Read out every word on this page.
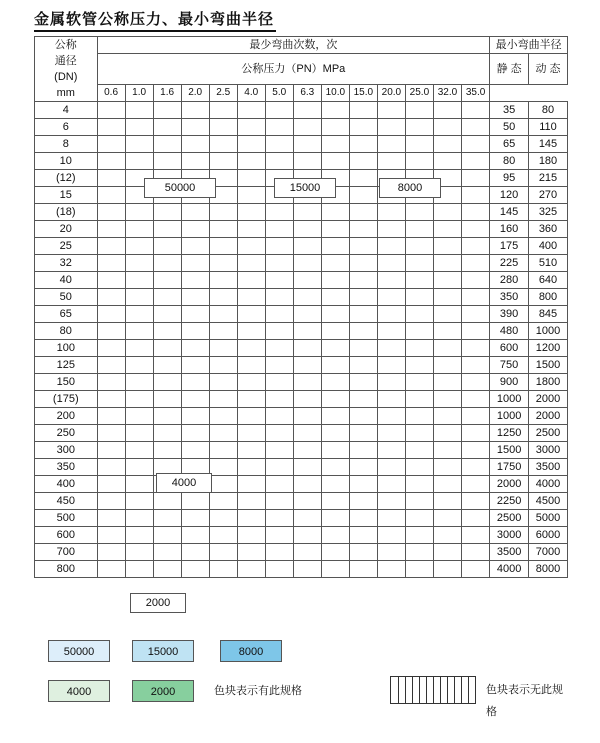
金属软管公称压力、最小弯曲半径
公称
通径
(DN)
mm	最少弯曲次数，次														最小弯曲半径	
	公称压力（PN）MPa														静 态	动 态

	0.6	1.0	1.6	2.0	2.5	4.0	5.0	6.3	10.0	15.0	20.0	25.0	32.0	35.0		
4															35	80
6															50	110
8															65	145
10															80	180
(12)															95	215
15															120	270
(18)															145	325
20															160	360
25															175	400
32															225	510
40															280	640
50															350	800
65															390	845
80															480	1000
100															600	1200
125															750	1500
150															900	1800
(175)															1000	2000
200															1000	2000
250															1250	2500
300															1500	3000
350															1750	3500
400															2000	4000
450															2250	4500
500															2500	5000
600															3000	6000
700															3500	7000
800															4000	8000
50000	15000	8000
4000
2000
50000	15000	8000
4000	2000	色块表示有此规格	色块表示无此规格
